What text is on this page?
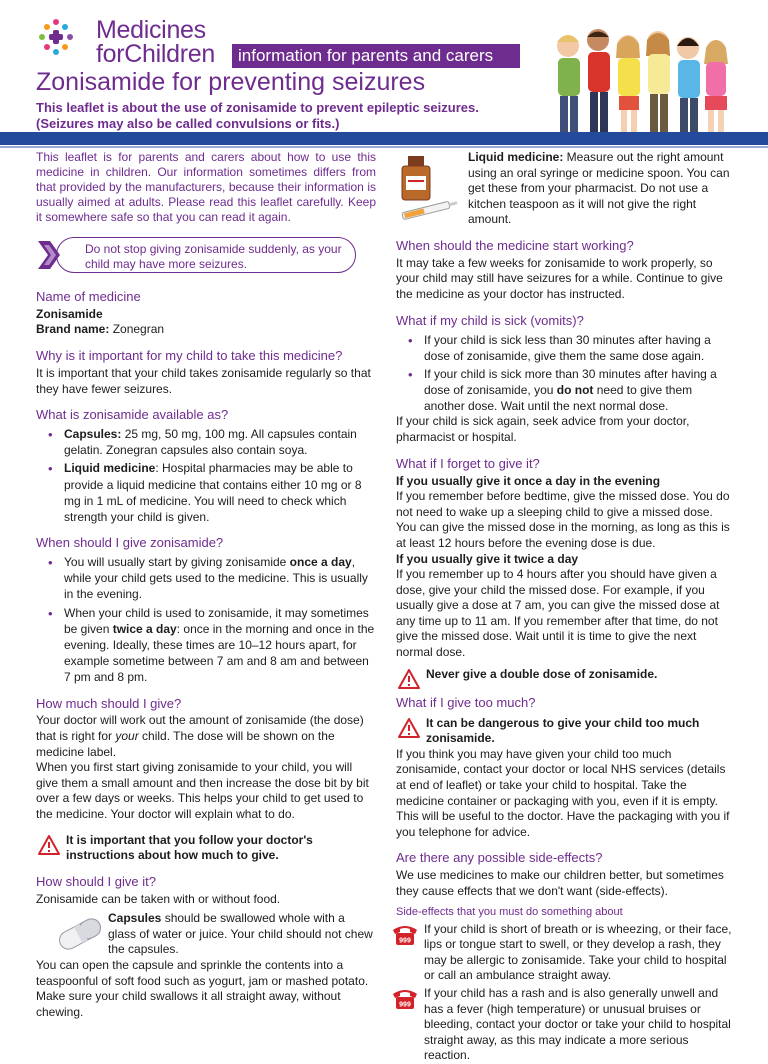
Medicines
forChildren	information for parents and carers
Zonisamide for preventing seizures
This leaflet is about the use of zonisamide to prevent epileptic seizures.
(Seizures may also be called convulsions or fits.)

This leaflet is for parents and carers about how to use this medicine in children. Our information sometimes differs from that provided by the manufacturers, because their information is usually aimed at adults. Please read this leaflet carefully. Keep it somewhere safe so that you can read it again.

Do not stop giving zonisamide suddenly, as your child may have more seizures.
Name of medicine

Zonisamide

Brand name: Zonegran

Why is it important for my child to take this medicine?

It is important that your child takes zonisamide regularly so that they have fewer seizures.

What is zonisamide available as?
• Capsules: 25 mg, 50 mg, 100 mg. All capsules contain gelatin. Zonegran capsules also contain soya.
• Liquid medicine: Hospital pharmacies may be able to provide a liquid medicine that contains either 10 mg or 8 mg in 1 mL of medicine. You will need to check which strength your child is given.
When should I give zonisamide?
• You will usually start by giving zonisamide once a day, while your child gets used to the medicine. This is usually in the evening.
• When your child is used to zonisamide, it may sometimes be given twice a day: once in the morning and once in the evening. Ideally, these times are 10–12 hours apart, for example sometime between 7 am and 8 am and between 7 pm and 8 pm.
How much should I give?

Your doctor will work out the amount of zonisamide (the dose) that is right for your child. The dose will be shown on the medicine label.

When you first start giving zonisamide to your child, you will give them a small amount and then increase the dose bit by bit over a few days or weeks. This helps your child to get used to the medicine. Your doctor will explain what to do.

It is important that you follow your doctor's instructions about how much to give.
How should I give it?

Zonisamide can be taken with or without food.

Capsules should be swallowed whole with a glass of water or juice. Your child should not chew the capsules.

You can open the capsule and sprinkle the contents into a teaspoonful of soft food such as yogurt, jam or mashed potato. Make sure your child swallows it all straight away, without chewing.

Liquid medicine: Measure out the right amount using an oral syringe or medicine spoon. You can get these from your pharmacist. Do not use a kitchen teaspoon as it will not give the right amount.

When should the medicine start working?

It may take a few weeks for zonisamide to work properly, so your child may still have seizures for a while. Continue to give the medicine as your doctor has instructed.

What if my child is sick (vomits)?
• If your child is sick less than 30 minutes after having a dose of zonisamide, give them the same dose again.
• If your child is sick more than 30 minutes after having a dose of zonisamide, you do not need to give them another dose. Wait until the next normal dose.

If your child is sick again, seek advice from your doctor, pharmacist or hospital.

What if I forget to give it?

If you usually give it once a day in the evening

If you remember before bedtime, give the missed dose. You do not need to wake up a sleeping child to give a missed dose. You can give the missed dose in the morning, as long as this is at least 12 hours before the evening dose is due.

If you usually give it twice a day

If you remember up to 4 hours after you should have given a dose, give your child the missed dose. For example, if you usually give a dose at 7 am, you can give the missed dose at any time up to 11 am. If you remember after that time, do not give the missed dose. Wait until it is time to give the next normal dose.

Never give a double dose of zonisamide.
What if I give too much?
It can be dangerous to give your child too much zonisamide.

If you think you may have given your child too much zonisamide, contact your doctor or local NHS services (details at end of leaflet) or take your child to hospital. Take the medicine container or packaging with you, even if it is empty. This will be useful to the doctor. Have the packaging with you if you telephone for advice.

Are there any possible side-effects?

We use medicines to make our children better, but sometimes they cause effects that we don't want (side-effects).

Side-effects that you must do something about
999

If your child is short of breath or is wheezing, or their face, lips or tongue start to swell, or they develop a rash, they may be allergic to zonisamide. Take your child to hospital or call an ambulance straight away.

999

If your child has a rash and is also generally unwell and has a fever (high temperature) or unusual bruises or bleeding, contact your doctor or take your child to hospital straight away, as this may indicate a more serious reaction.
